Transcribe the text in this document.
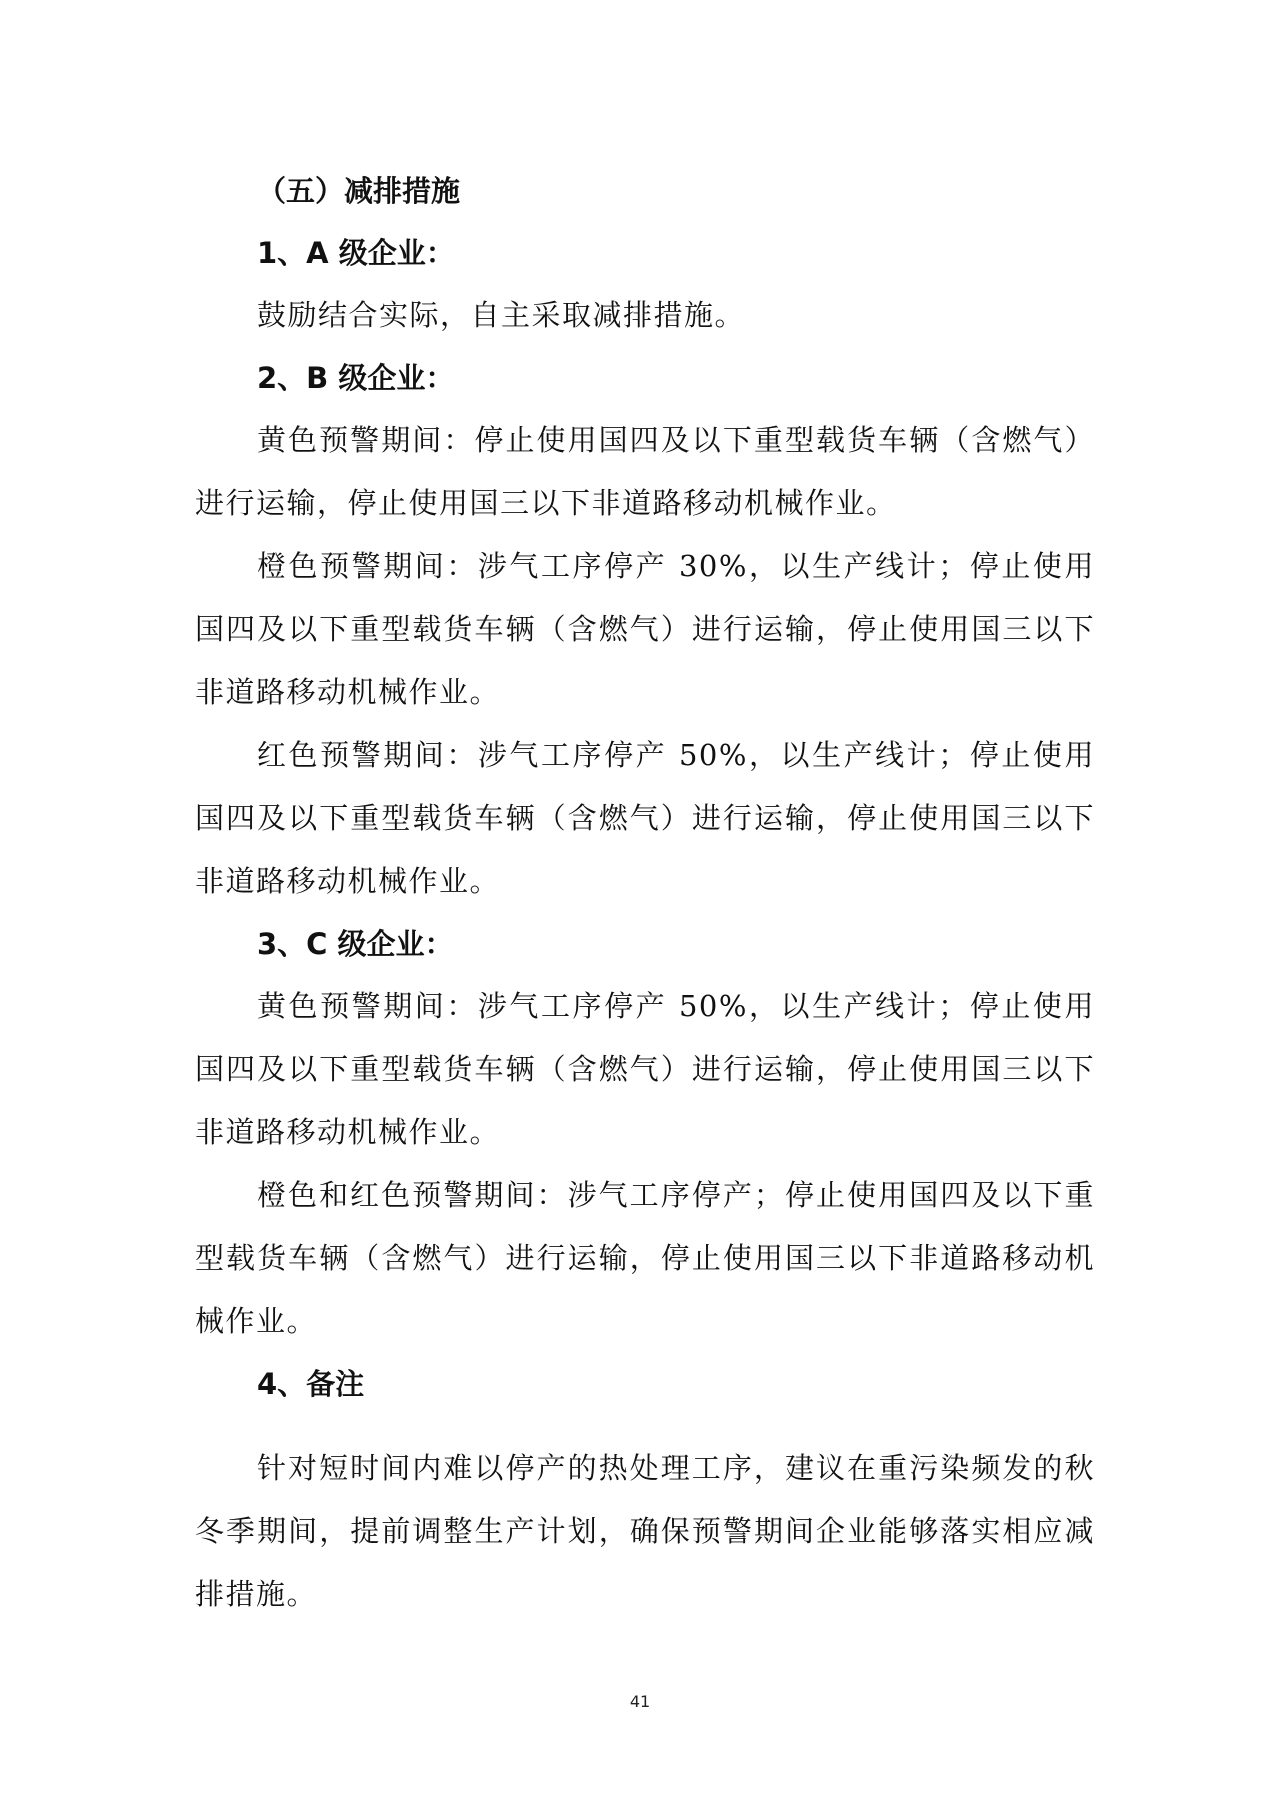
（五）减排措施
1、A 级企业：

鼓励结合实际，自主采取减排措施。

2、B 级企业：

黄色预警期间：停止使用国四及以下重型载货车辆（含燃气）进行运输，停止使用国三以下非道路移动机械作业。

橙色预警期间：涉气工序停产 30%，以生产线计；停止使用国四及以下重型载货车辆（含燃气）进行运输，停止使用国三以下非道路移动机械作业。

红色预警期间：涉气工序停产 50%，以生产线计；停止使用国四及以下重型载货车辆（含燃气）进行运输，停止使用国三以下非道路移动机械作业。

3、C 级企业：

黄色预警期间：涉气工序停产 50%，以生产线计；停止使用国四及以下重型载货车辆（含燃气）进行运输，停止使用国三以下非道路移动机械作业。

橙色和红色预警期间：涉气工序停产；停止使用国四及以下重型载货车辆（含燃气）进行运输，停止使用国三以下非道路移动机械作业。

4、备注

针对短时间内难以停产的热处理工序，建议在重污染频发的秋冬季期间，提前调整生产计划，确保预警期间企业能够落实相应减排措施。

41
